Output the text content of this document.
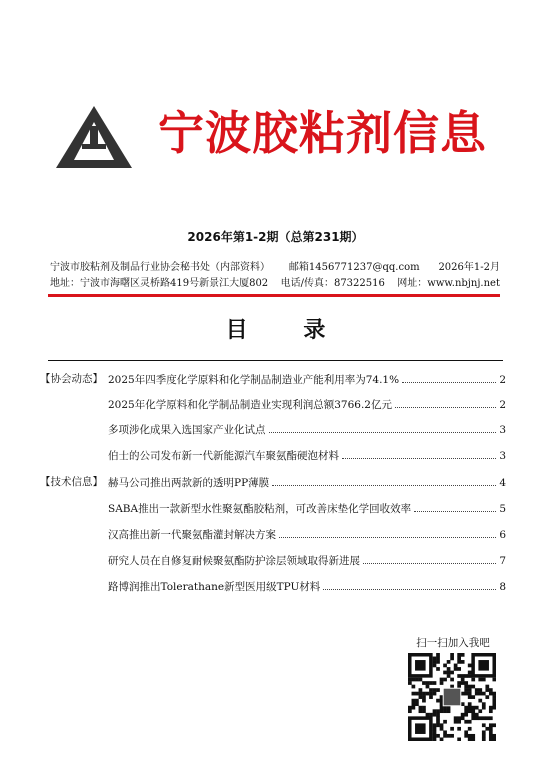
宁波胶粘剂信息
2026年第1-2期（总第231期）
宁波市胶粘剂及制品行业协会秘书处（内部资料） 邮箱1456771237@qq.com 2026年1-2月
地址：宁波市海曙区灵桥路419号新景江大厦802 电话/传真：87322516 网址：www.nbjnj.net
目 录
【协会动态】 2025年四季度化学原料和化学制品制造业产能利用率为74.1%	2
2025年化学原料和化学制品制造业实现利润总额3766.2亿元	2
多项涉化成果入选国家产业化试点	3
伯士的公司发布新一代新能源汽车聚氨酯硬泡材料	3
【技术信息】 赫马公司推出两款新的透明PP薄膜	4
SABA推出一款新型水性聚氨酯胶粘剂，可改善床垫化学回收效率	5
汉高推出新一代聚氨酯灌封解决方案	6
研究人员在自修复耐候聚氨酯防护涂层领域取得新进展	7
路博润推出Tolerathane新型医用级TPU材料	8
扫一扫加入我吧
